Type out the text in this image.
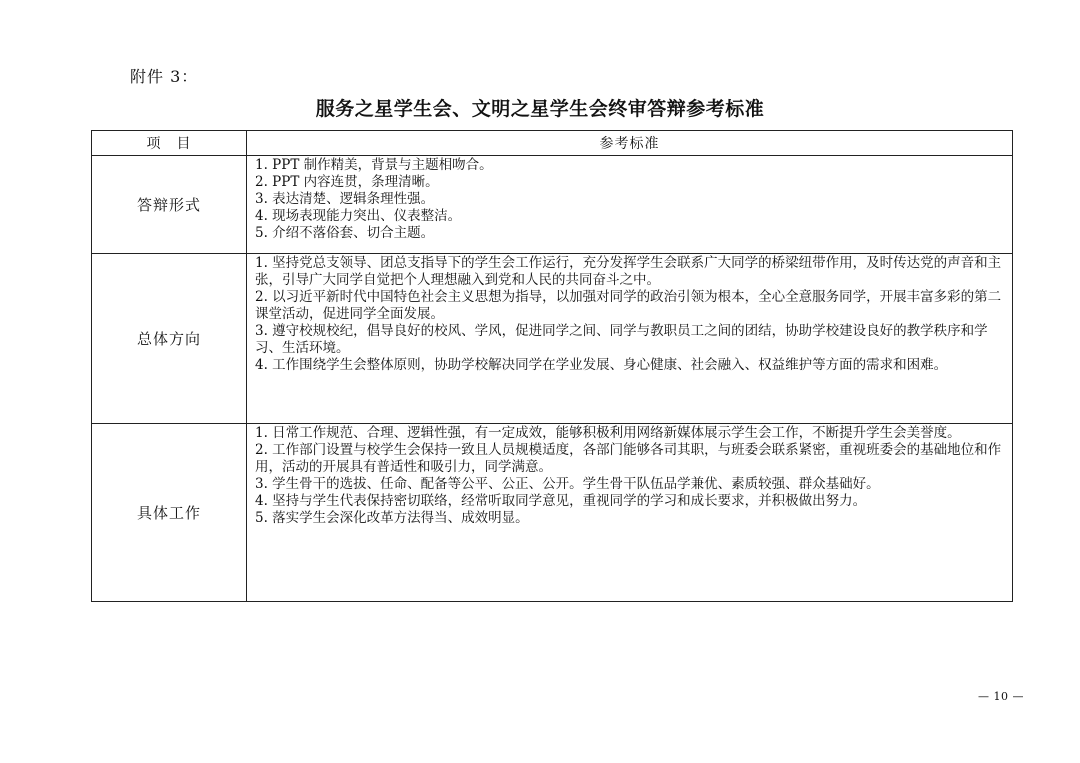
附件 3：
服务之星学生会、文明之星学生会终审答辩参考标准
项　目	参考标准
答辩形式	1. PPT 制作精美，背景与主题相吻合。
2. PPT 内容连贯，条理清晰。
3. 表达清楚、逻辑条理性强。
4. 现场表现能力突出、仪表整洁。
5. 介绍不落俗套、切合主题。

总体方向	1. 坚持党总支领导、团总支指导下的学生会工作运行，充分发挥学生会联系广大同学的桥梁纽带作用，及时传达党的声音和主张，引导广大同学自觉把个人理想融入到党和人民的共同奋斗之中。
2. 以习近平新时代中国特色社会主义思想为指导，以加强对同学的政治引领为根本，全心全意服务同学，开展丰富多彩的第二课堂活动，促进同学全面发展。
3. 遵守校规校纪，倡导良好的校风、学风，促进同学之间、同学与教职员工之间的团结，协助学校建设良好的教学秩序和学习、生活环境。
4. 工作围绕学生会整体原则，协助学校解决同学在学业发展、身心健康、社会融入、权益维护等方面的需求和困难。

具体工作	1. 日常工作规范、合理、逻辑性强，有一定成效，能够积极利用网络新媒体展示学生会工作，不断提升学生会美誉度。
2. 工作部门设置与校学生会保持一致且人员规模适度，各部门能够各司其职，与班委会联系紧密，重视班委会的基础地位和作用，活动的开展具有普适性和吸引力，同学满意。
3. 学生骨干的选拔、任命、配备等公平、公正、公开。学生骨干队伍品学兼优、素质较强、群众基础好。
4. 坚持与学生代表保持密切联络，经常听取同学意见，重视同学的学习和成长要求，并积极做出努力。
5. 落实学生会深化改革方法得当、成效明显。
— 10 —
